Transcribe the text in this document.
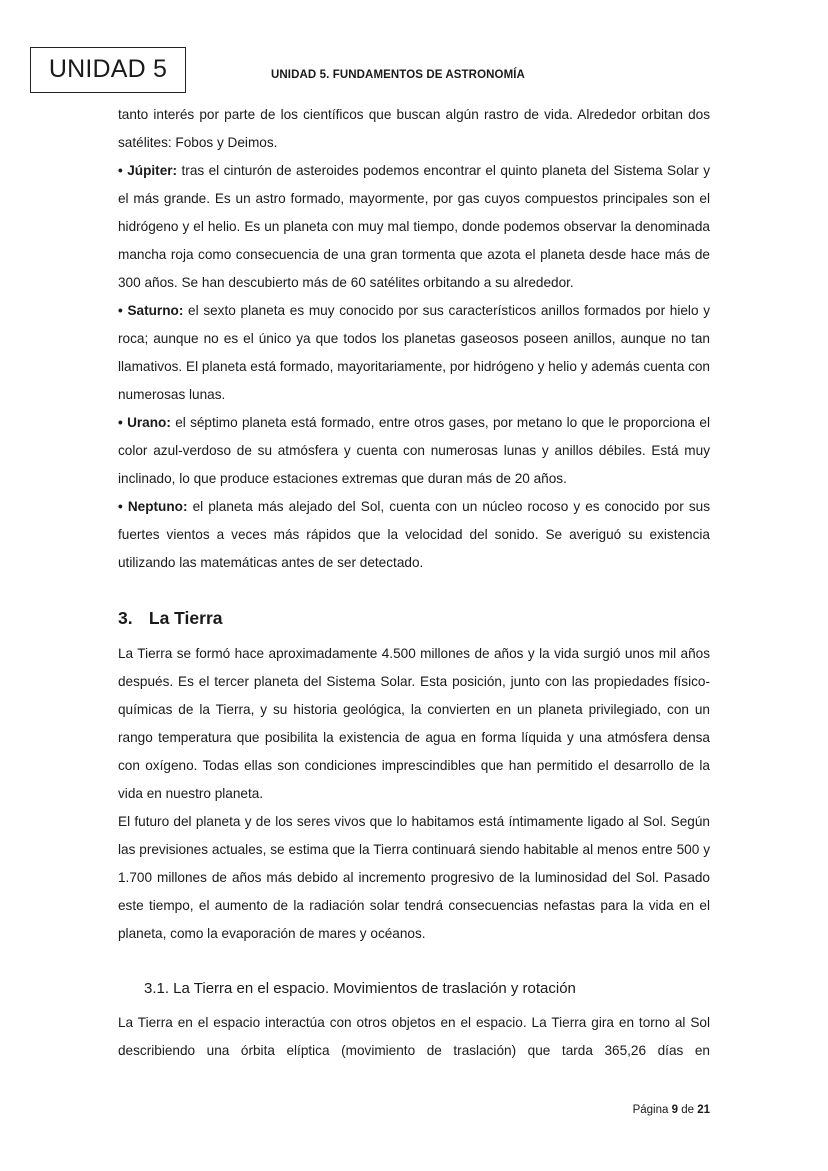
UNIDAD 5	UNIDAD 5. FUNDAMENTOS DE ASTRONOMÍA

tanto interés por parte de los científicos que buscan algún rastro de vida. Alrededor orbitan dos satélites: Fobos y Deimos.

• Júpiter: tras el cinturón de asteroides podemos encontrar el quinto planeta del Sistema Solar y el más grande. Es un astro formado, mayormente, por gas cuyos compuestos principales son el hidrógeno y el helio. Es un planeta con muy mal tiempo, donde podemos observar la denominada mancha roja como consecuencia de una gran tormenta que azota el planeta desde hace más de 300 años. Se han descubierto más de 60 satélites orbitando a su alrededor.

• Saturno: el sexto planeta es muy conocido por sus característicos anillos formados por hielo y roca; aunque no es el único ya que todos los planetas gaseosos poseen anillos, aunque no tan llamativos. El planeta está formado, mayoritariamente, por hidrógeno y helio y además cuenta con numerosas lunas.

• Urano: el séptimo planeta está formado, entre otros gases, por metano lo que le proporciona el color azul-verdoso de su atmósfera y cuenta con numerosas lunas y anillos débiles. Está muy inclinado, lo que produce estaciones extremas que duran más de 20 años.

• Neptuno: el planeta más alejado del Sol, cuenta con un núcleo rocoso y es conocido por sus fuertes vientos a veces más rápidos que la velocidad del sonido. Se averiguó su existencia utilizando las matemáticas antes de ser detectado.

3. La Tierra

La Tierra se formó hace aproximadamente 4.500 millones de años y la vida surgió unos mil años después. Es el tercer planeta del Sistema Solar. Esta posición, junto con las propiedades físico-químicas de la Tierra, y su historia geológica, la convierten en un planeta privilegiado, con un rango temperatura que posibilita la existencia de agua en forma líquida y una atmósfera densa con oxígeno. Todas ellas son condiciones imprescindibles que han permitido el desarrollo de la vida en nuestro planeta.

El futuro del planeta y de los seres vivos que lo habitamos está íntimamente ligado al Sol. Según las previsiones actuales, se estima que la Tierra continuará siendo habitable al menos entre 500 y 1.700 millones de años más debido al incremento progresivo de la luminosidad del Sol. Pasado este tiempo, el aumento de la radiación solar tendrá consecuencias nefastas para la vida en el planeta, como la evaporación de mares y océanos.

3.1. La Tierra en el espacio. Movimientos de traslación y rotación

La Tierra en el espacio interactúa con otros objetos en el espacio. La Tierra gira en torno al Sol describiendo una órbita elíptica (movimiento de traslación) que tarda 365,26 días en

Página 9 de 21
